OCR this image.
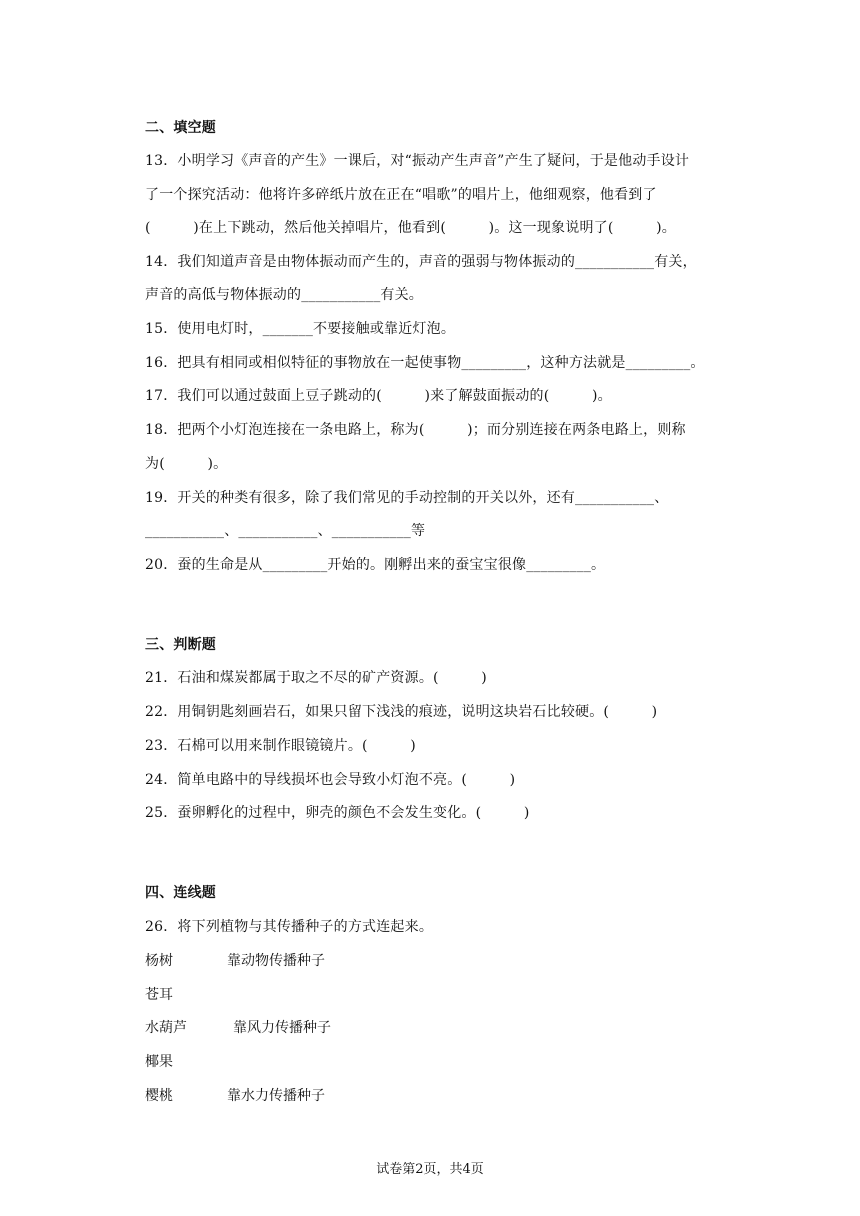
二、填空题
13．小明学习《声音的产生》一课后，对“振动产生声音”产生了疑问，于是他动手设计
了一个探究活动：他将许多碎纸片放在正在“唱歌”的唱片上，他细观察，他看到了
(　　　)在上下跳动，然后他关掉唱片，他看到(　　　)。这一现象说明了(　　　)。
14．我们知道声音是由物体振动而产生的，声音的强弱与物体振动的___________有关，
声音的高低与物体振动的___________有关。
15．使用电灯时，_______不要接触或靠近灯泡。
16．把具有相同或相似特征的事物放在一起使事物_________，这种方法就是_________。
17．我们可以通过鼓面上豆子跳动的(　　　)来了解鼓面振动的(　　　)。
18．把两个小灯泡连接在一条电路上，称为(　　　)；而分别连接在两条电路上，则称
为(　　　)。
19．开关的种类有很多，除了我们常见的手动控制的开关以外，还有___________、
___________、___________、___________等
20．蚕的生命是从_________开始的。刚孵出来的蚕宝宝很像_________。
三、判断题
21．石油和煤炭都属于取之不尽的矿产资源。(　　　)
22．用铜钥匙刻画岩石，如果只留下浅浅的痕迹，说明这块岩石比较硬。(　　　)
23．石棉可以用来制作眼镜镜片。(　　　)
24．简单电路中的导线损坏也会导致小灯泡不亮。(　　　)
25．蚕卵孵化的过程中，卵壳的颜色不会发生变化。(　　　)
四、连线题
26．将下列植物与其传播种子的方式连起来。
杨树	靠动物传播种子
苍耳
水葫芦	靠风力传播种子
椰果
樱桃	靠水力传播种子
试卷第2页，共4页
